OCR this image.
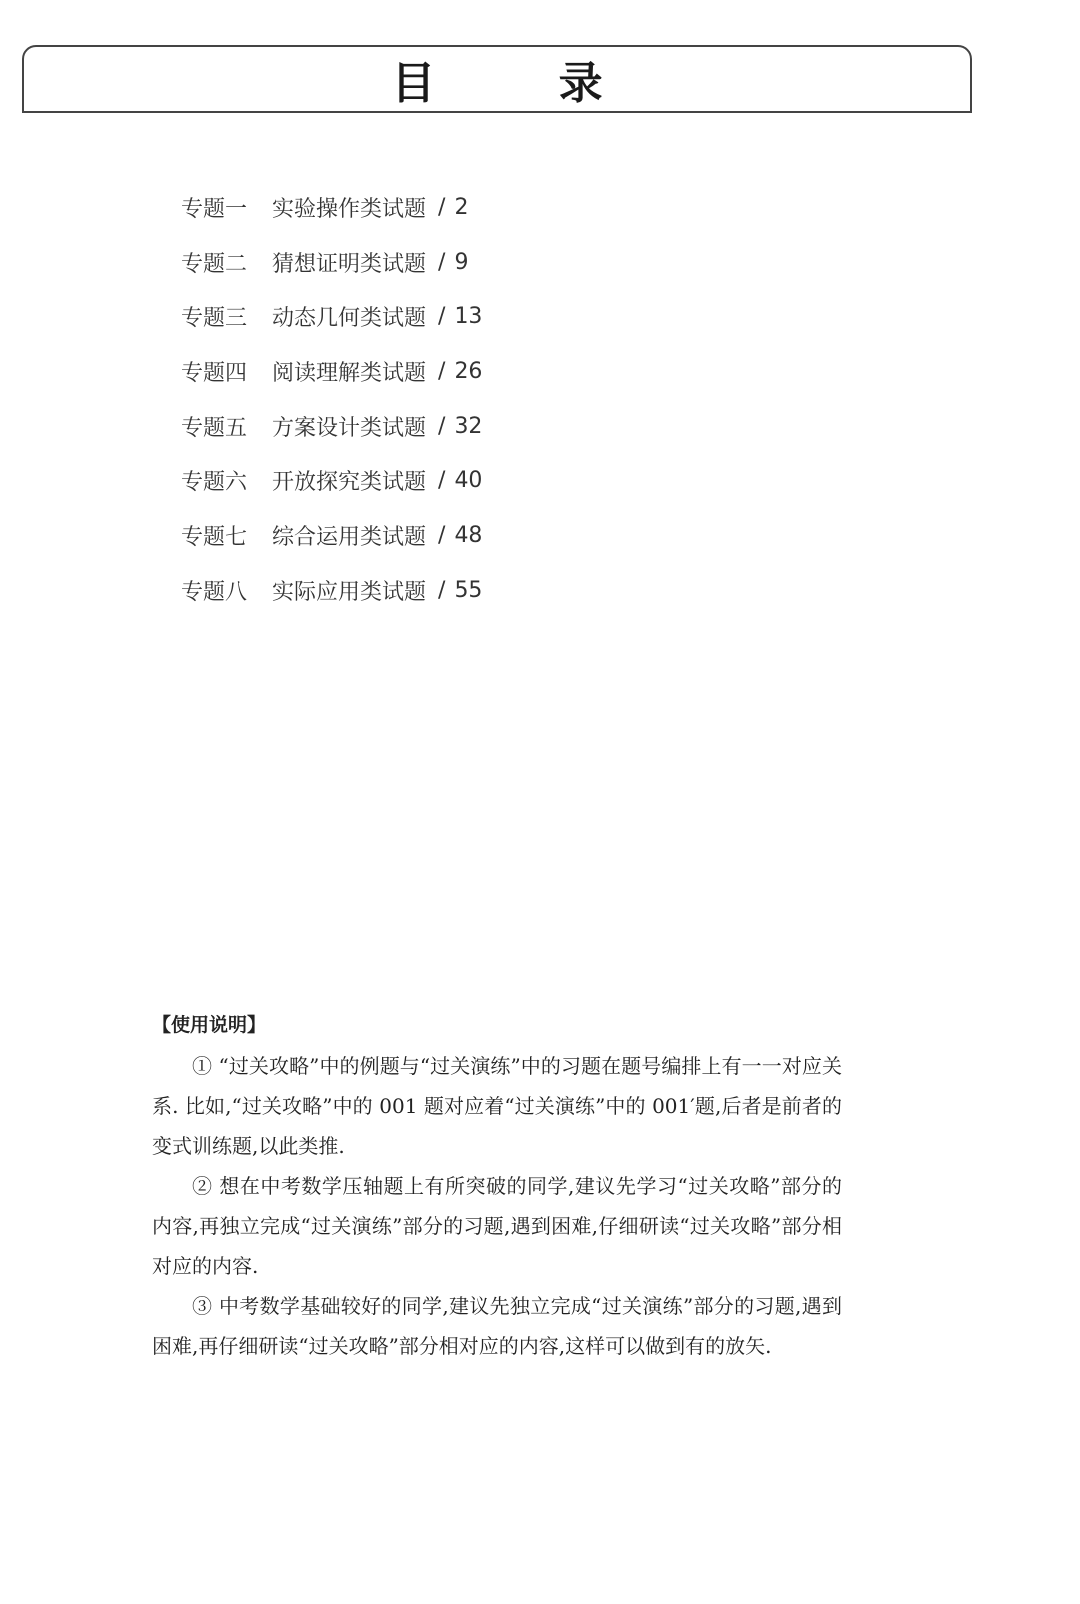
目 录
专题一	实验操作类试题 / 2
专题二	猜想证明类试题 / 9
专题三	动态几何类试题 / 13
专题四	阅读理解类试题 / 26
专题五	方案设计类试题 / 32
专题六	开放探究类试题 / 40
专题七	综合运用类试题 / 48
专题八	实际应用类试题 / 55
【使用说明】

① “过关攻略”中的例题与“过关演练”中的习题在题号编排上有一一对应关系. 比如,“过关攻略”中的 001 题对应着“过关演练”中的 001′题,后者是前者的变式训练题,以此类推.

② 想在中考数学压轴题上有所突破的同学,建议先学习“过关攻略”部分的内容,再独立完成“过关演练”部分的习题,遇到困难,仔细研读“过关攻略”部分相对应的内容.

③ 中考数学基础较好的同学,建议先独立完成“过关演练”部分的习题,遇到困难,再仔细研读“过关攻略”部分相对应的内容,这样可以做到有的放矢.
